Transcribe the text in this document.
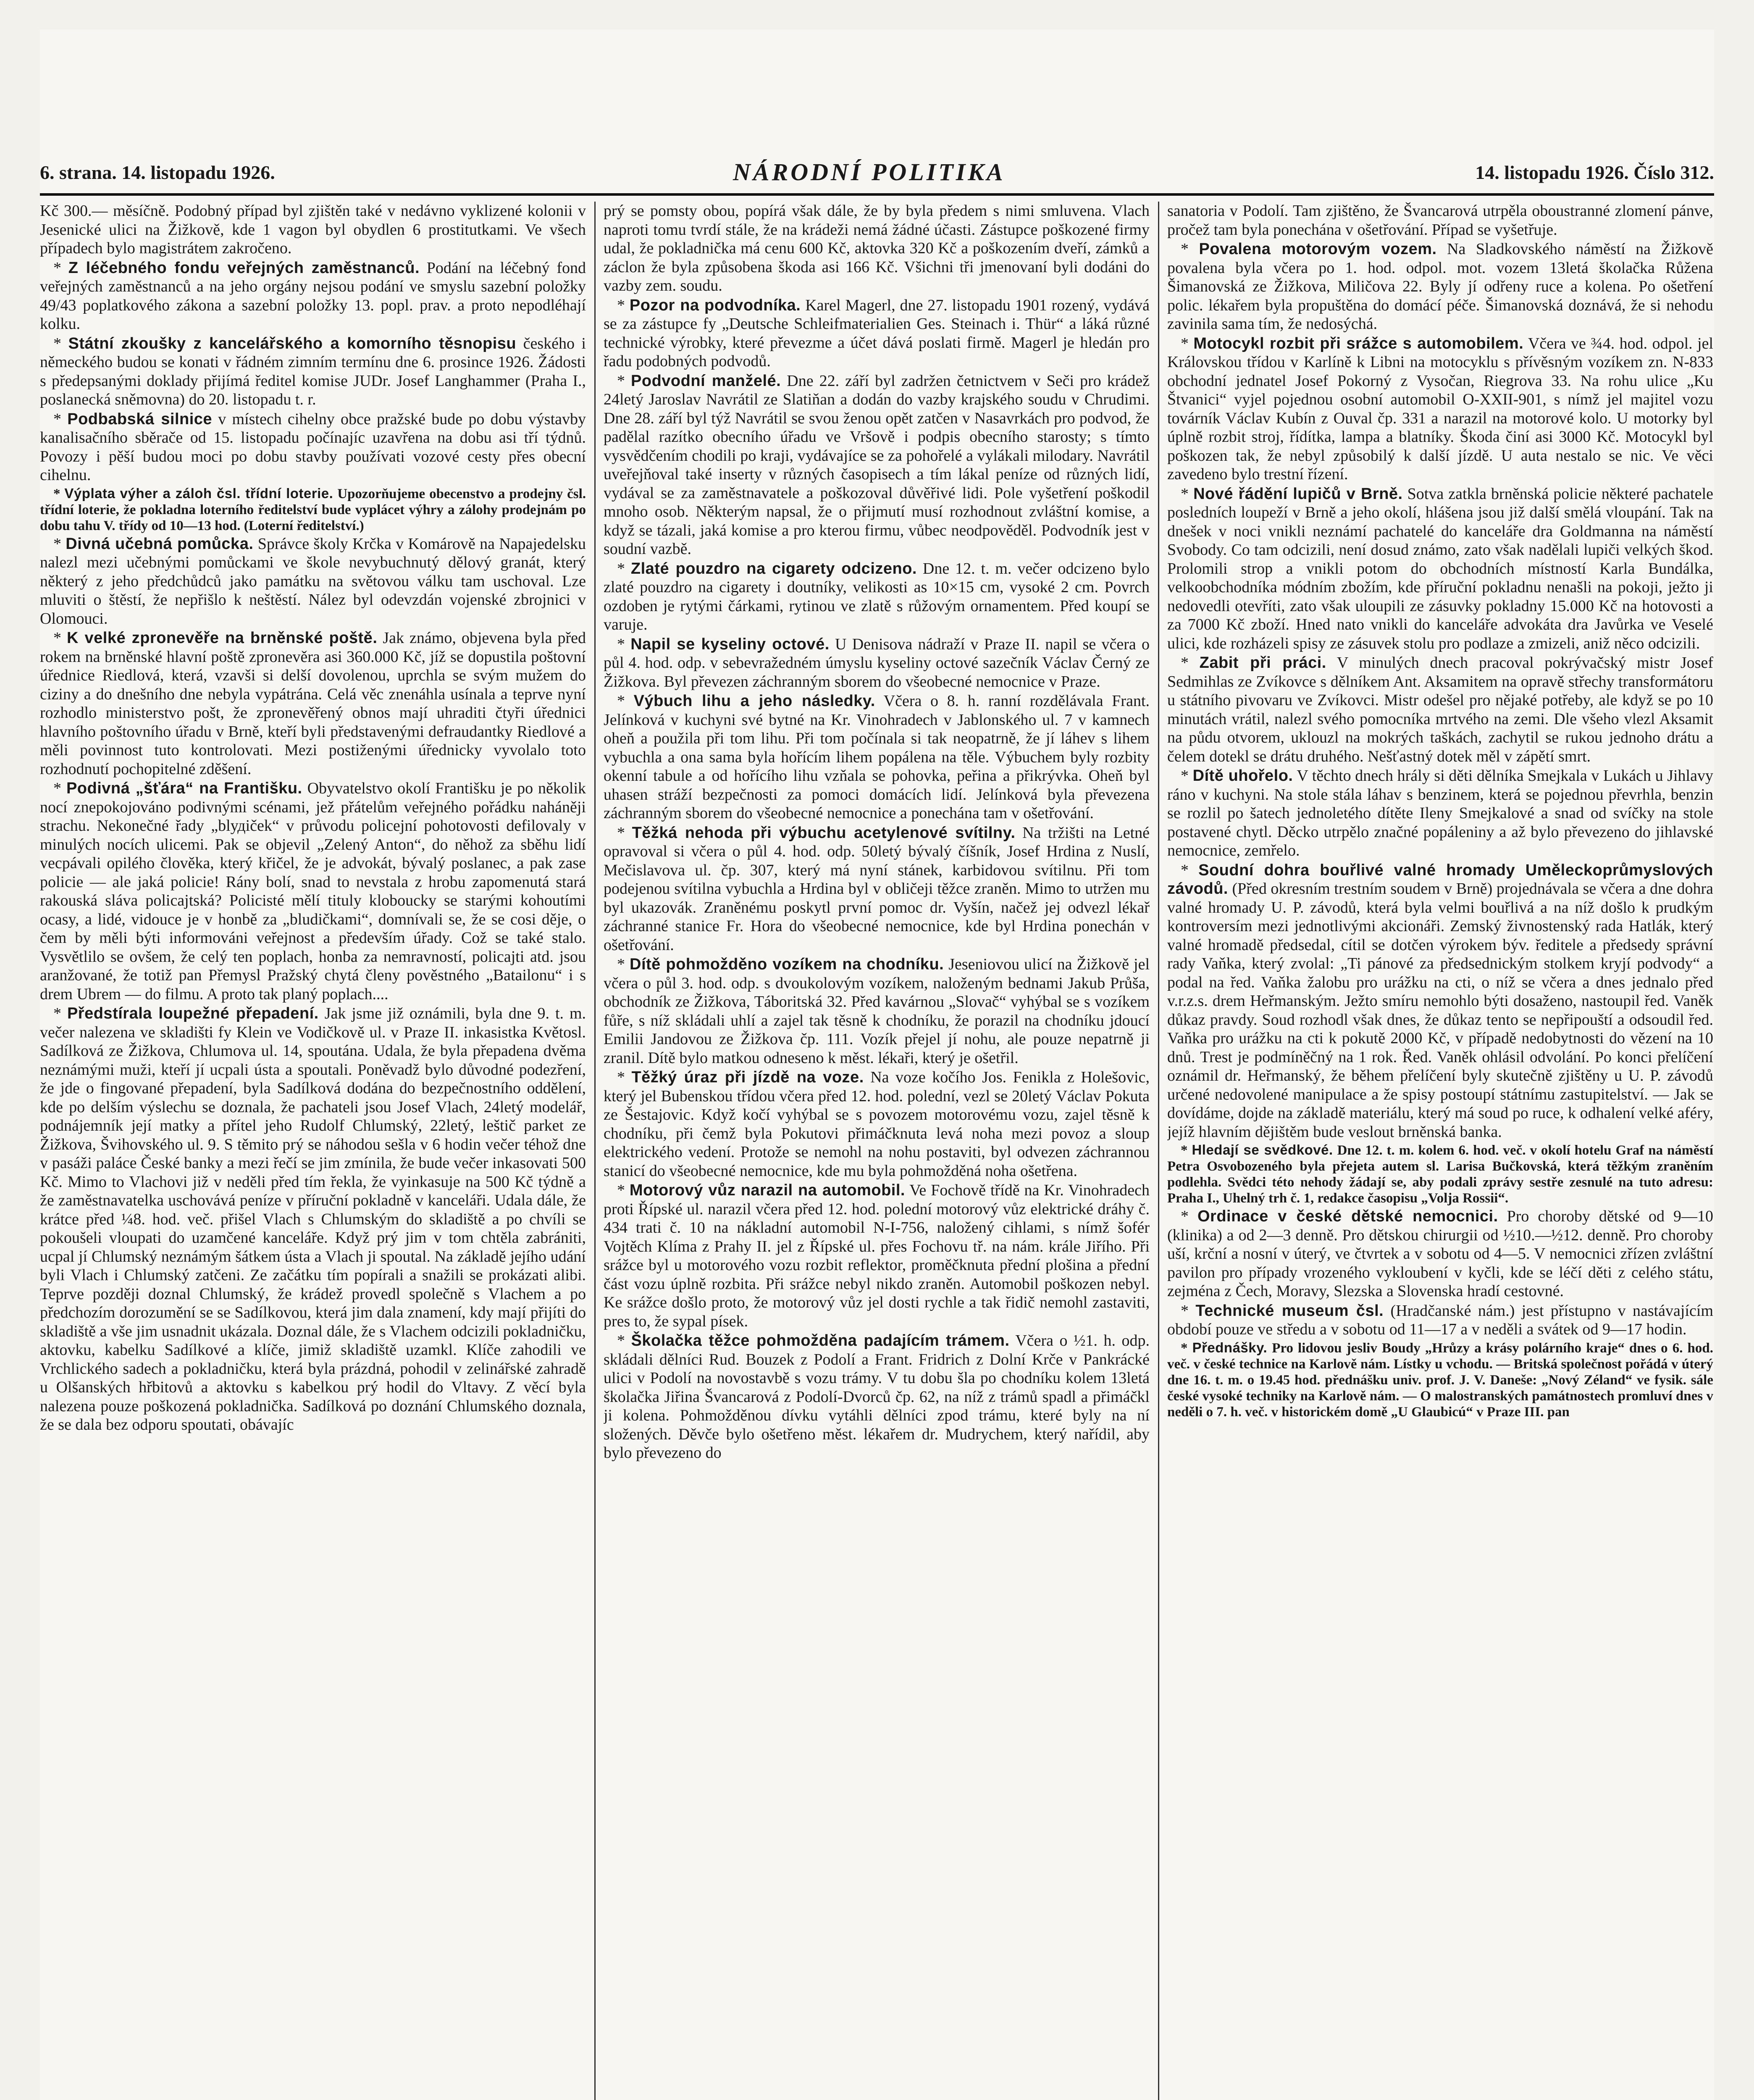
6. strana. 14. listopadu 1926.	NÁRODNÍ POLITIKA	14. listopadu 1926. Číslo 312.

Kč 300.— měsíčně. Podobný případ byl zjištěn také v nedávno vyklizené kolonii v Jesenické ulici na Žižkově, kde 1 vagon byl obydlen 6 prostitutkami. Ve všech případech bylo magistrátem zakročeno.

* Z léčebného fondu veřejných zaměstnanců. Podání na léčebný fond veřejných zaměstnanců a na jeho orgány nejsou podání ve smyslu sazební položky 49/43 poplatkového zákona a sazební položky 13. popl. prav. a proto nepodléhají kolku.

* Státní zkoušky z kancelářského a komorního těsnopisu českého i německého budou se konati v řádném zimním termínu dne 6. prosince 1926. Žádosti s předepsanými doklady přijímá ředitel komise JUDr. Josef Langhammer (Praha I., poslanecká sněmovna) do 20. listopadu t. r.

* Podbabská silnice v místech cihelny obce pražské bude po dobu výstavby kanalisačního sběrače od 15. listopadu počínajíc uzavřena na dobu asi tří týdnů. Povozy i pěší budou moci po dobu stavby používati vozové cesty přes obecní cihelnu.

* Výplata výher a záloh čsl. třídní loterie. Upozorňujeme obecenstvo a prodejny čsl. třídní loterie, že pokladna loterního ředitelství bude vyplácet výhry a zálohy prodejnám po dobu tahu V. třídy od 10—13 hod. (Loterní ředitelství.)

* Divná učebná pomůcka. Správce školy Krčka v Komárově na Napajedelsku nalezl mezi učebnými pomůckami ve škole nevybuchnutý dělový granát, který některý z jeho předchůdců jako památku na světovou válku tam uschoval. Lze mluviti o štěstí, že nepřišlo k neštěstí. Nález byl odevzdán vojenské zbrojnici v Olomouci.

* K velké zpronevěře na brněnské poště. Jak známo, objevena byla před rokem na brněnské hlavní poště zpronevěra asi 360.000 Kč, jíž se dopustila poštovní úřednice Riedlová, která, vzavši si delší dovolenou, uprchla se svým mužem do ciziny a do dnešního dne nebyla vypátrána. Celá věc znenáhla usínala a teprve nyní rozhodlo ministerstvo pošt, že zpronevěřený obnos mají uhraditi čtyři úřednici hlavního poštovního úřadu v Brně, kteří byli představenými defraudantky Riedlové a měli povinnost tuto kontrolovati. Mezi postiženými úřednicky vyvolalo toto rozhodnutí pochopitelné zděšení.

* Podivná „šťára“ na Františku. Obyvatelstvo okolí Františku je po několik nocí znepokojováno podivnými scénami, jež přátelům veřejného pořádku naháněji strachu. Nekonečné řady „blудiček“ v průvodu policejní pohotovosti defilovaly v minulých nocích ulicemi. Pak se objevil „Zelený Anton“, do něhož za sběhu lidí vecpávali opilého člověka, který křičel, že je advokát, bývalý poslanec, a pak zase policie — ale jaká policie! Rány bolí, snad to nevstala z hrobu zapomenutá stará rakouská sláva policajtská? Policisté mělí tituly kloboucky se starými kohoutími ocasy, a lidé, vidouce je v honbě za „bludičkami“, domnívali se, že se cosi děje, o čem by měli býti informováni veřejnost a především úřady. Což se také stalo. Vysvětlilo se ovšem, že celý ten poplach, honba za nemravností, policajti atd. jsou aranžované, že totiž pan Přemysl Pražský chytá členy pověstného „Batailonu“ i s drem Ubrem — do filmu. A proto tak planý poplach....

* Předstírala loupežné přepadení. Jak jsme již oznámili, byla dne 9. t. m. večer nalezena ve skladišti fy Klein ve Vodičkově ul. v Praze II. inkasistka Květosl. Sadílková ze Žižkova, Chlumova ul. 14, spoutána. Udala, že byla přepadena dvěma neznámými muži, kteří jí ucpali ústa a spoutali. Poněvadž bylo důvodné podezření, že jde o fingované přepadení, byla Sadílková dodána do bezpečnostního oddělení, kde po delším výslechu se doznala, že pachateli jsou Josef Vlach, 24letý modelář, podnájemník její matky a přítel jeho Rudolf Chlumský, 22letý, leštič parket ze Žižkova, Švihovského ul. 9. S těmito prý se náhodou sešla v 6 hodin večer téhož dne v pasáži paláce České banky a mezi řečí se jim zmínila, že bude večer inkasovati 500 Kč. Mimo to Vlachovi již v neděli před tím řekla, že vyinkasuje na 500 Kč týdně a že zaměstnavatelka uschovává peníze v příruční pokladně v kanceláři. Udala dále, že krátce před ¼8. hod. več. přišel Vlach s Chlumským do skladiště a po chvíli se pokoušeli vloupati do uzamčené kanceláře. Když prý jim v tom chtěla zabrániti, ucpal jí Chlumský neznámým šátkem ústa a Vlach ji spoutal. Na základě jejího udání byli Vlach i Chlumský zatčeni. Ze začátku tím popírali a snažili se prokázati alibi. Teprve později doznal Chlumský, že krádež provedl společně s Vlachem a po předchozím dorozumění se se Sadílkovou, která jim dala znamení, kdy mají přijíti do skladiště a vše jim usnadnit ukázala. Doznal dále, že s Vlachem odcizili pokladničku, aktovku, kabelku Sadílkové a klíče, jimiž skladiště uzamkl. Klíče zahodili ve Vrchlického sadech a pokladničku, která byla prázdná, pohodil v zelinářské zahradě u Olšanských hřbitovů a aktovku s kabelkou prý hodil do Vltavy. Z věcí byla nalezena pouze poškozená pokladnička. Sadílková po doznání Chlumského doznala, že se dala bez odporu spoutati, obávajíc

prý se pomsty obou, popírá však dále, že by byla předem s nimi smluvena. Vlach naproti tomu tvrdí stále, že na krádeži nemá žádné účasti. Zástupce poškozené firmy udal, že pokladnička má cenu 600 Kč, aktovka 320 Kč a poškozením dveří, zámků a záclon že byla způsobena škoda asi 166 Kč. Všichni tři jmenovaní byli dodáni do vazby zem. soudu.

* Pozor na podvodníka. Karel Magerl, dne 27. listopadu 1901 rozený, vydává se za zástupce fy „Deutsche Schleifmaterialien Ges. Steinach i. Thür“ a láká různé technické výrobky, které převezme a účet dává poslati firmě. Magerl je hledán pro řadu podobných podvodů.

* Podvodní manželé. Dne 22. září byl zadržen četnictvem v Seči pro krádež 24letý Jaroslav Navrátil ze Slatiňan a dodán do vazby krajského soudu v Chrudimi. Dne 28. září byl týž Navrátil se svou ženou opět zatčen v Nasavrkách pro podvod, že padělal razítko obecního úřadu ve Vršově i podpis obecního starosty; s tímto vysvědčením chodili po kraji, vydávajíce se za pohořelé a vylákali milodary. Navrátil uveřejňoval také inserty v různých časopisech a tím lákal peníze od různých lidí, vydával se za zaměstnavatele a poškozoval důvěřivé lidi. Pole vyšetření poškodil mnoho osob. Některým napsal, že o přijmutí musí rozhodnout zvláštní komise, a když se tázali, jaká komise a pro kterou firmu, vůbec neodpověděl. Podvodník jest v soudní vazbě.

* Zlaté pouzdro na cigarety odcizeno. Dne 12. t. m. večer odcizeno bylo zlaté pouzdro na cigarety i doutníky, velikosti as 10×15 cm, vysoké 2 cm. Povrch ozdoben je rytými čárkami, rytinou ve zlatě s růžovým ornamentem. Před koupí se varuje.

* Napil se kyseliny octové. U Denisova nádraží v Praze II. napil se včera o půl 4. hod. odp. v sebevražedném úmyslu kyseliny octové sazečník Václav Černý ze Žižkova. Byl převezen záchranným sborem do všeobecné nemocnice v Praze.

* Výbuch lihu a jeho následky. Včera o 8. h. ranní rozdělávala Frant. Jelínková v kuchyni své bytné na Kr. Vinohradech v Jablonského ul. 7 v kamnech oheň a použila při tom lihu. Při tom počínala si tak neopatrně, že jí láhev s lihem vybuchla a ona sama byla hořícím lihem popálena na těle. Výbuchem byly rozbity okenní tabule a od hořícího lihu vzňala se pohovka, peřina a přikrývka. Oheň byl uhasen stráží bezpečnosti za pomoci domácích lidí. Jelínková byla převezena záchranným sborem do všeobecné nemocnice a ponechána tam v ošetřování.

* Těžká nehoda při výbuchu acetylenové svítilny. Na tržišti na Letné opravoval si včera o půl 4. hod. odp. 50letý bývalý číšník, Josef Hrdina z Nuslí, Mečislavova ul. čp. 307, který má nyní stánek, karbidovou svítilnu. Při tom podejenou svítilna vybuchla a Hrdina byl v obličeji těžce zraněn. Mimo to utržen mu byl ukazovák. Zraněnému poskytl první pomoc dr. Vyšín, načež jej odvezl lékař záchranné stanice Fr. Hora do všeobecné nemocnice, kde byl Hrdina ponechán v ošetřování.

* Dítě pohmožděno vozíkem na chodníku. Jeseniovou ulicí na Žižkově jel včera o půl 3. hod. odp. s dvoukolovým vozíkem, naloženým bednami Jakub Průša, obchodník ze Žižkova, Táboritská 32. Před kavárnou „Slovač“ vyhýbal se s vozíkem fůře, s níž skládali uhlí a zajel tak těsně k chodníku, že porazil na chodníku jdoucí Emilii Jandovou ze Žižkova čp. 111. Vozík přejel jí nohu, ale pouze nepatrně ji zranil. Dítě bylo matkou odneseno k měst. lékaři, který je ošetřil.

* Těžký úraz při jízdě na voze. Na voze kočího Jos. Fenikla z Holešovic, který jel Bubenskou třídou včera před 12. hod. polední, vezl se 20letý Václav Pokuta ze Šestajovic. Když kočí vyhýbal se s povozem motorovému vozu, zajel těsně k chodníku, při čemž byla Pokutovi přimáčknuta levá noha mezi povoz a sloup elektrického vedení. Protože se nemohl na nohu postaviti, byl odvezen záchrannou stanicí do všeobecné nemocnice, kde mu byla pohmožděná noha ošetřena.

* Motorový vůz narazil na automobil. Ve Fochově třídě na Kr. Vinohradech proti Řípské ul. narazil včera před 12. hod. polední motorový vůz elektrické dráhy č. 434 trati č. 10 na nákladní automobil N-I-756, naložený cihlami, s nímž šofér Vojtěch Klíma z Prahy II. jel z Řípské ul. přes Fochovu tř. na nám. krále Jiřího. Při srážce byl u motorového vozu rozbit reflektor, proměčknuta přední plošina a přední část vozu úplně rozbita. Při srážce nebyl nikdo zraněn. Automobil poškozen nebyl. Ke srážce došlo proto, že motorový vůz jel dosti rychle a tak řidič nemohl zastaviti, pres to, že sypal písek.

* Školačka těžce pohmožděna padajícím trámem. Včera o ½1. h. odp. skládali dělníci Rud. Bouzek z Podolí a Frant. Fridrich z Dolní Krče v Pankrácké ulici v Podolí na novostavbě s vozu trámy. V tu dobu šla po chodníku kolem 13letá školačka Jiřina Švancarová z Podolí-Dvorců čp. 62, na níž z trámů spadl a přimáčkl ji kolena. Pohmožděnou dívku vytáhli dělníci zpod trámu, které byly na ní složených. Děvče bylo ošetřeno měst. lékařem dr. Mudrychem, který nařídil, aby bylo převezeno do

sanatoria v Podolí. Tam zjištěno, že Švancarová utrpěla oboustranné zlomení pánve, pročež tam byla ponechána v ošetřování. Případ se vyšetřuje.

* Povalena motorovým vozem. Na Sladkovského náměstí na Žižkově povalena byla včera po 1. hod. odpol. mot. vozem 13letá školačka Růžena Šimanovská ze Žižkova, Miličova 22. Byly jí odřeny ruce a kolena. Po ošetření polic. lékařem byla propuštěna do domácí péče. Šimanovská doznává, že si nehodu zavinila sama tím, že nedosýchá.

* Motocykl rozbit při srážce s automobilem. Včera ve ¾4. hod. odpol. jel Královskou třídou v Karlíně k Libni na motocyklu s přívěsným vozíkem zn. N-833 obchodní jednatel Josef Pokorný z Vysočan, Riegrova 33. Na rohu ulice „Ku Štvanici“ vyjel pojednou osobní automobil O-XXII-901, s nímž jel majitel vozu továrník Václav Kubín z Ouval čp. 331 a narazil na motorové kolo. U motorky byl úplně rozbit stroj, řídítka, lampa a blatníky. Škoda činí asi 3000 Kč. Motocykl byl poškozen tak, že nebyl způsobilý k další jízdě. U auta nestalo se nic. Ve věci zavedeno bylo trestní řízení.

* Nové řádění lupičů v Brně. Sotva zatkla brněnská policie některé pachatele posledních loupeží v Brně a jeho okolí, hlášena jsou již další smělá vloupání. Tak na dnešek v noci vnikli neznámí pachatelé do kanceláře dra Goldmanna na náměstí Svobody. Co tam odcizili, není dosud známo, zato však nadělali lupiči velkých škod. Prolomili strop a vnikli potom do obchodních místností Karla Bundálka, velkoobchodníka módním zbožím, kde příruční pokladnu nenašli na pokoji, ježto ji nedovedli otevříti, zato však uloupili ze zásuvky pokladny 15.000 Kč na hotovosti a za 7000 Kč zboží. Hned nato vnikli do kanceláře advokáta dra Javůrka ve Veselé ulici, kde rozházeli spisy ze zásuvek stolu pro podlaze a zmizeli, aniž něco odcizili.

* Zabit při práci. V minulých dnech pracoval pokrývačský mistr Josef Sedmihlas ze Zvíkovce s dělníkem Ant. Aksamitem na opravě střechy transformátoru u státního pivovaru ve Zvíkovci. Mistr odešel pro nějaké potřeby, ale když se po 10 minutách vrátil, nalezl svého pomocníka mrtvého na zemi. Dle všeho vlezl Aksamit na půdu otvorem, uklouzl na mokrých taškách, zachytil se rukou jednoho drátu a čelem dotekl se drátu druhého. Nešťastný dotek měl v zápětí smrt.

* Dítě uhořelo. V těchto dnech hrály si děti dělníka Smejkala v Lukách u Jihlavy ráno v kuchyni. Na stole stála láhav s benzinem, která se pojednou převrhla, benzin se rozlil po šatech jednoletého dítěte Ileny Smejkalové a snad od svíčky na stole postavené chytl. Děcko utrpělo značné popáleniny a až bylo převezeno do jihlavské nemocnice, zemřelo.

* Soudní dohra bouřlivé valné hromady Uměleckoprůmyslových závodů. (Před okresním trestním soudem v Brně) projednávala se včera a dne dohra valné hromady U. P. závodů, která byla velmi bouřlivá a na níž došlo k prudkým kontroversím mezi jednotlivými akcionáři. Zemský živnostenský rada Hatlák, který valné hromadě předsedal, cítil se dotčen výrokem býv. ředitele a předsedy správní rady Vaňka, který zvolal: „Ti pánové za předsednickým stolkem kryjí podvody“ a podal na řed. Vaňka žalobu pro urážku na cti, o níž se včera a dnes jednalo před v.r.z.s. drem Heřmanským. Ježto smíru nemohlo býti dosaženo, nastoupil řed. Vaněk důkaz pravdy. Soud rozhodl však dnes, že důkaz tento se nepřipouští a odsoudil řed. Vaňka pro urážku na cti k pokutě 2000 Kč, v případě nedobytnosti do vězení na 10 dnů. Trest je podmíněčný na 1 rok. Řed. Vaněk ohlásil odvolání. Po konci přelíčení oznámil dr. Heřmanský, že během přelíčení byly skutečně zjištěny u U. P. závodů určené nedovolené manipulace a že spisy postoupí státnímu zastupitelství. — Jak se dovídáme, dojde na základě materiálu, který má soud po ruce, k odhalení velké aféry, jejíž hlavním dějištěm bude veslout brněnská banka.

* Hledají se svědkové. Dne 12. t. m. kolem 6. hod. več. v okolí hotelu Graf na náměstí Petra Osvobozeného byla přejeta autem sl. Larisa Bučkovská, která těžkým zraněním podlehla. Svědci této nehody žádají se, aby podali zprávy sestře zesnulé na tuto adresu: Praha I., Uhelný trh č. 1, redakce časopisu „Volja Rossii“.

* Ordinace v české dětské nemocnici. Pro choroby dětské od 9—10 (klinika) a od 2—3 denně. Pro dětskou chirurgii od ½10.—½12. denně. Pro choroby uší, krční a nosní v úterý, ve čtvrtek a v sobotu od 4—5. V nemocnici zřízen zvláštní pavilon pro případy vrozeného vykloubení v kyčli, kde se léčí děti z celého státu, zejména z Čech, Moravy, Slezska a Slovenska hradí cestovné.

* Technické museum čsl. (Hradčanské nám.) jest přístupno v nastávajícím období pouze ve středu a v sobotu od 11—17 a v neděli a svátek od 9—17 hodin.

* Přednášky. Pro lidovou jesliv Boudy „Hrůzy a krásy polárního kraje“ dnes o 6. hod. več. v české technice na Karlově nám. Lístky u vchodu. — Britská společnost pořádá v úterý dne 16. t. m. o 19.45 hod. přednášku univ. prof. J. V. Daneše: „Nový Zéland“ ve fysik. sále české vysoké techniky na Karlově nám. — O malostranských památnostech promluví dnes v neděli o 7. h. več. v historickém domě „U Glaubicú“ v Praze III. pan
